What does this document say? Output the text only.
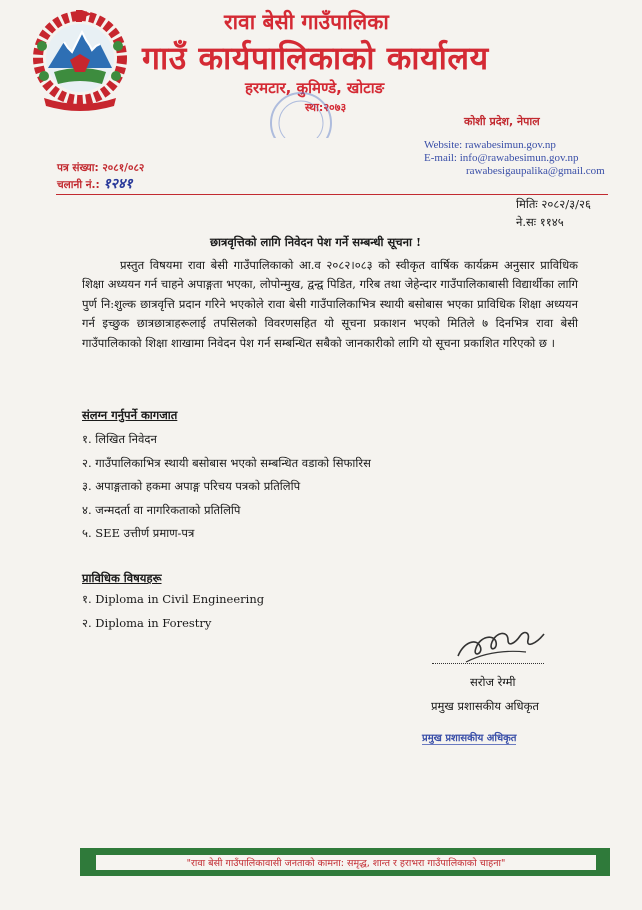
रावा बेसी गाउँपालिका
गाउँ कार्यपालिकाको कार्यालय
हरमटार, कुमिण्डे, खोटाङ
स्था:२०७३
कोशी प्रदेश, नेपाल
Website: rawabesimun.gov.np
E-mail: info@rawabesimun.gov.np
rawabesigaupalika@gmail.com
पत्र संख्या: २०८१/०८२
चलानी नं.: १२४१
मितिः २०८२/३/२६
ने.सः ११४५
छात्रवृत्तिको लागि निवेदन पेश गर्ने सम्बन्धी सूचना !
प्रस्तुत विषयमा रावा बेसी गाउँपालिकाको आ.व २०८२।०८३ को स्वीकृत वार्षिक कार्यक्रम अनुसार प्राविधिक शिक्षा अध्ययन गर्न चाहने अपाङ्गता भएका, लोपोन्मुख, द्वन्द्व पिडित, गरिब तथा जेहेन्दार गाउँपालिकाबासी विद्यार्थीका लागि पुर्ण नि:शुल्क छात्रवृत्ति प्रदान गरिने भएकोले रावा बेसी गाउँपालिकाभित्र स्थायी बसोबास भएका प्राविधिक शिक्षा अध्ययन गर्न इच्छुक छात्रछात्राहरूलाई तपसिलको विवरणसहित यो सूचना प्रकाशन भएको मितिले ७ दिनभित्र रावा बेसी गाउँपालिकाको शिक्षा शाखामा निवेदन पेश गर्न सम्बन्धित सबैको जानकारीको लागि यो सूचना प्रकाशित गरिएको छ ।
संलग्न गर्नुपर्ने कागजात
१. लिखित निवेदन
२. गाउँपालिकाभित्र स्थायी बसोबास भएको सम्बन्धित वडाको सिफारिस
३. अपाङ्गताको हकमा अपाङ्ग परिचय पत्रको प्रतिलिपि
४. जन्मदर्ता वा नागरिकताको प्रतिलिपि
५. SEE उत्तीर्ण प्रमाण-पत्र
प्राविधिक विषयहरू
१. Diploma in Civil Engineering
२. Diploma in Forestry
सरोज रेग्मी
प्रमुख प्रशासकीय अधिकृत
प्रमुख प्रशासकीय अधिकृत
"रावा बेसी गाउँपालिकावासी जनताको कामना: समृद्ध, शान्त र हराभरा गाउँपालिकाको चाहना"
